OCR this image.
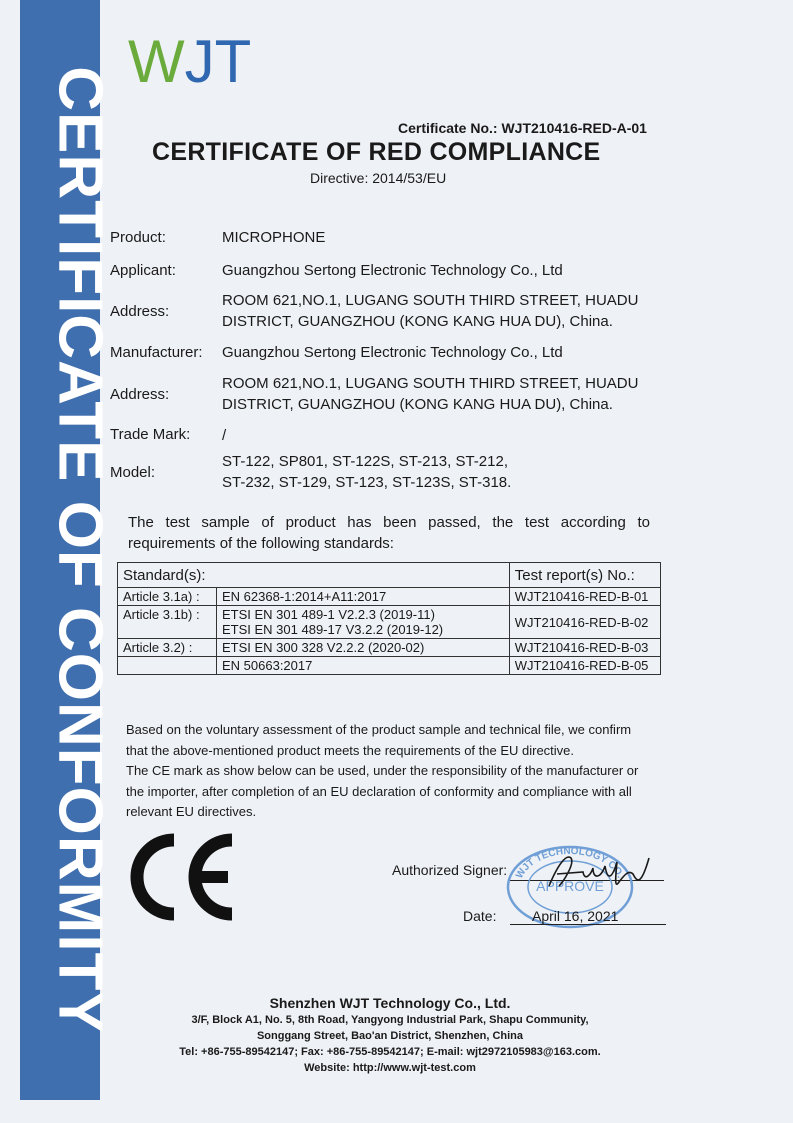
CERTIFICATE OF CONFORMITY
WJT
Certificate No.: WJT210416-RED-A-01
CERTIFICATE OF RED COMPLIANCE
Directive: 2014/53/EU
Product:	MICROPHONE
Applicant:	Guangzhou Sertong Electronic Technology Co., Ltd
Address:
ROOM 621,NO.1, LUGANG SOUTH THIRD STREET, HUADU
DISTRICT, GUANGZHOU (KONG KANG HUA DU), China.
Manufacturer: Guangzhou Sertong Electronic Technology Co., Ltd
Address:
ROOM 621,NO.1, LUGANG SOUTH THIRD STREET, HUADU
DISTRICT, GUANGZHOU (KONG KANG HUA DU), China.
Trade Mark: /
Model:
ST-122, SP801, ST-122S, ST-213, ST-212,
ST-232, ST-129, ST-123, ST-123S, ST-318.
The test sample of product has been passed, the test according to requirements of the following standards:
Standard(s):		Test report(s) No.:
Article 3.1a) :	EN 62368-1:2014+A11:2017	WJT210416-RED-B-01
Article 3.1b) :	ETSI EN 301 489-1 V2.2.3 (2019-11)
ETSI EN 301 489-17 V3.2.2 (2019-12)	WJT210416-RED-B-02
Article 3.2) :	ETSI EN 300 328 V2.2.2 (2020-02)	WJT210416-RED-B-03
	EN 50663:2017	WJT210416-RED-B-05
Based on the voluntary assessment of the product sample and technical file, we confirm
that the above-mentioned product meets the requirements of the EU directive.
The CE mark as show below can be used, under the responsibility of the manufacturer or
the importer, after completion of an EU declaration of conformity and compliance with all
relevant EU directives.
Authorized Signer: WJT TECHNOLOGY CO.
APPROVE
Date:	April 16, 2021
Shenzhen WJT Technology Co., Ltd.
3/F, Block A1, No. 5, 8th Road, Yangyong Industrial Park, Shapu Community,
Songgang Street, Bao'an District, Shenzhen, China
Tel: +86-755-89542147; Fax: +86-755-89542147; E-mail: wjt2972105983@163.com.
Website: http://www.wjt-test.com
